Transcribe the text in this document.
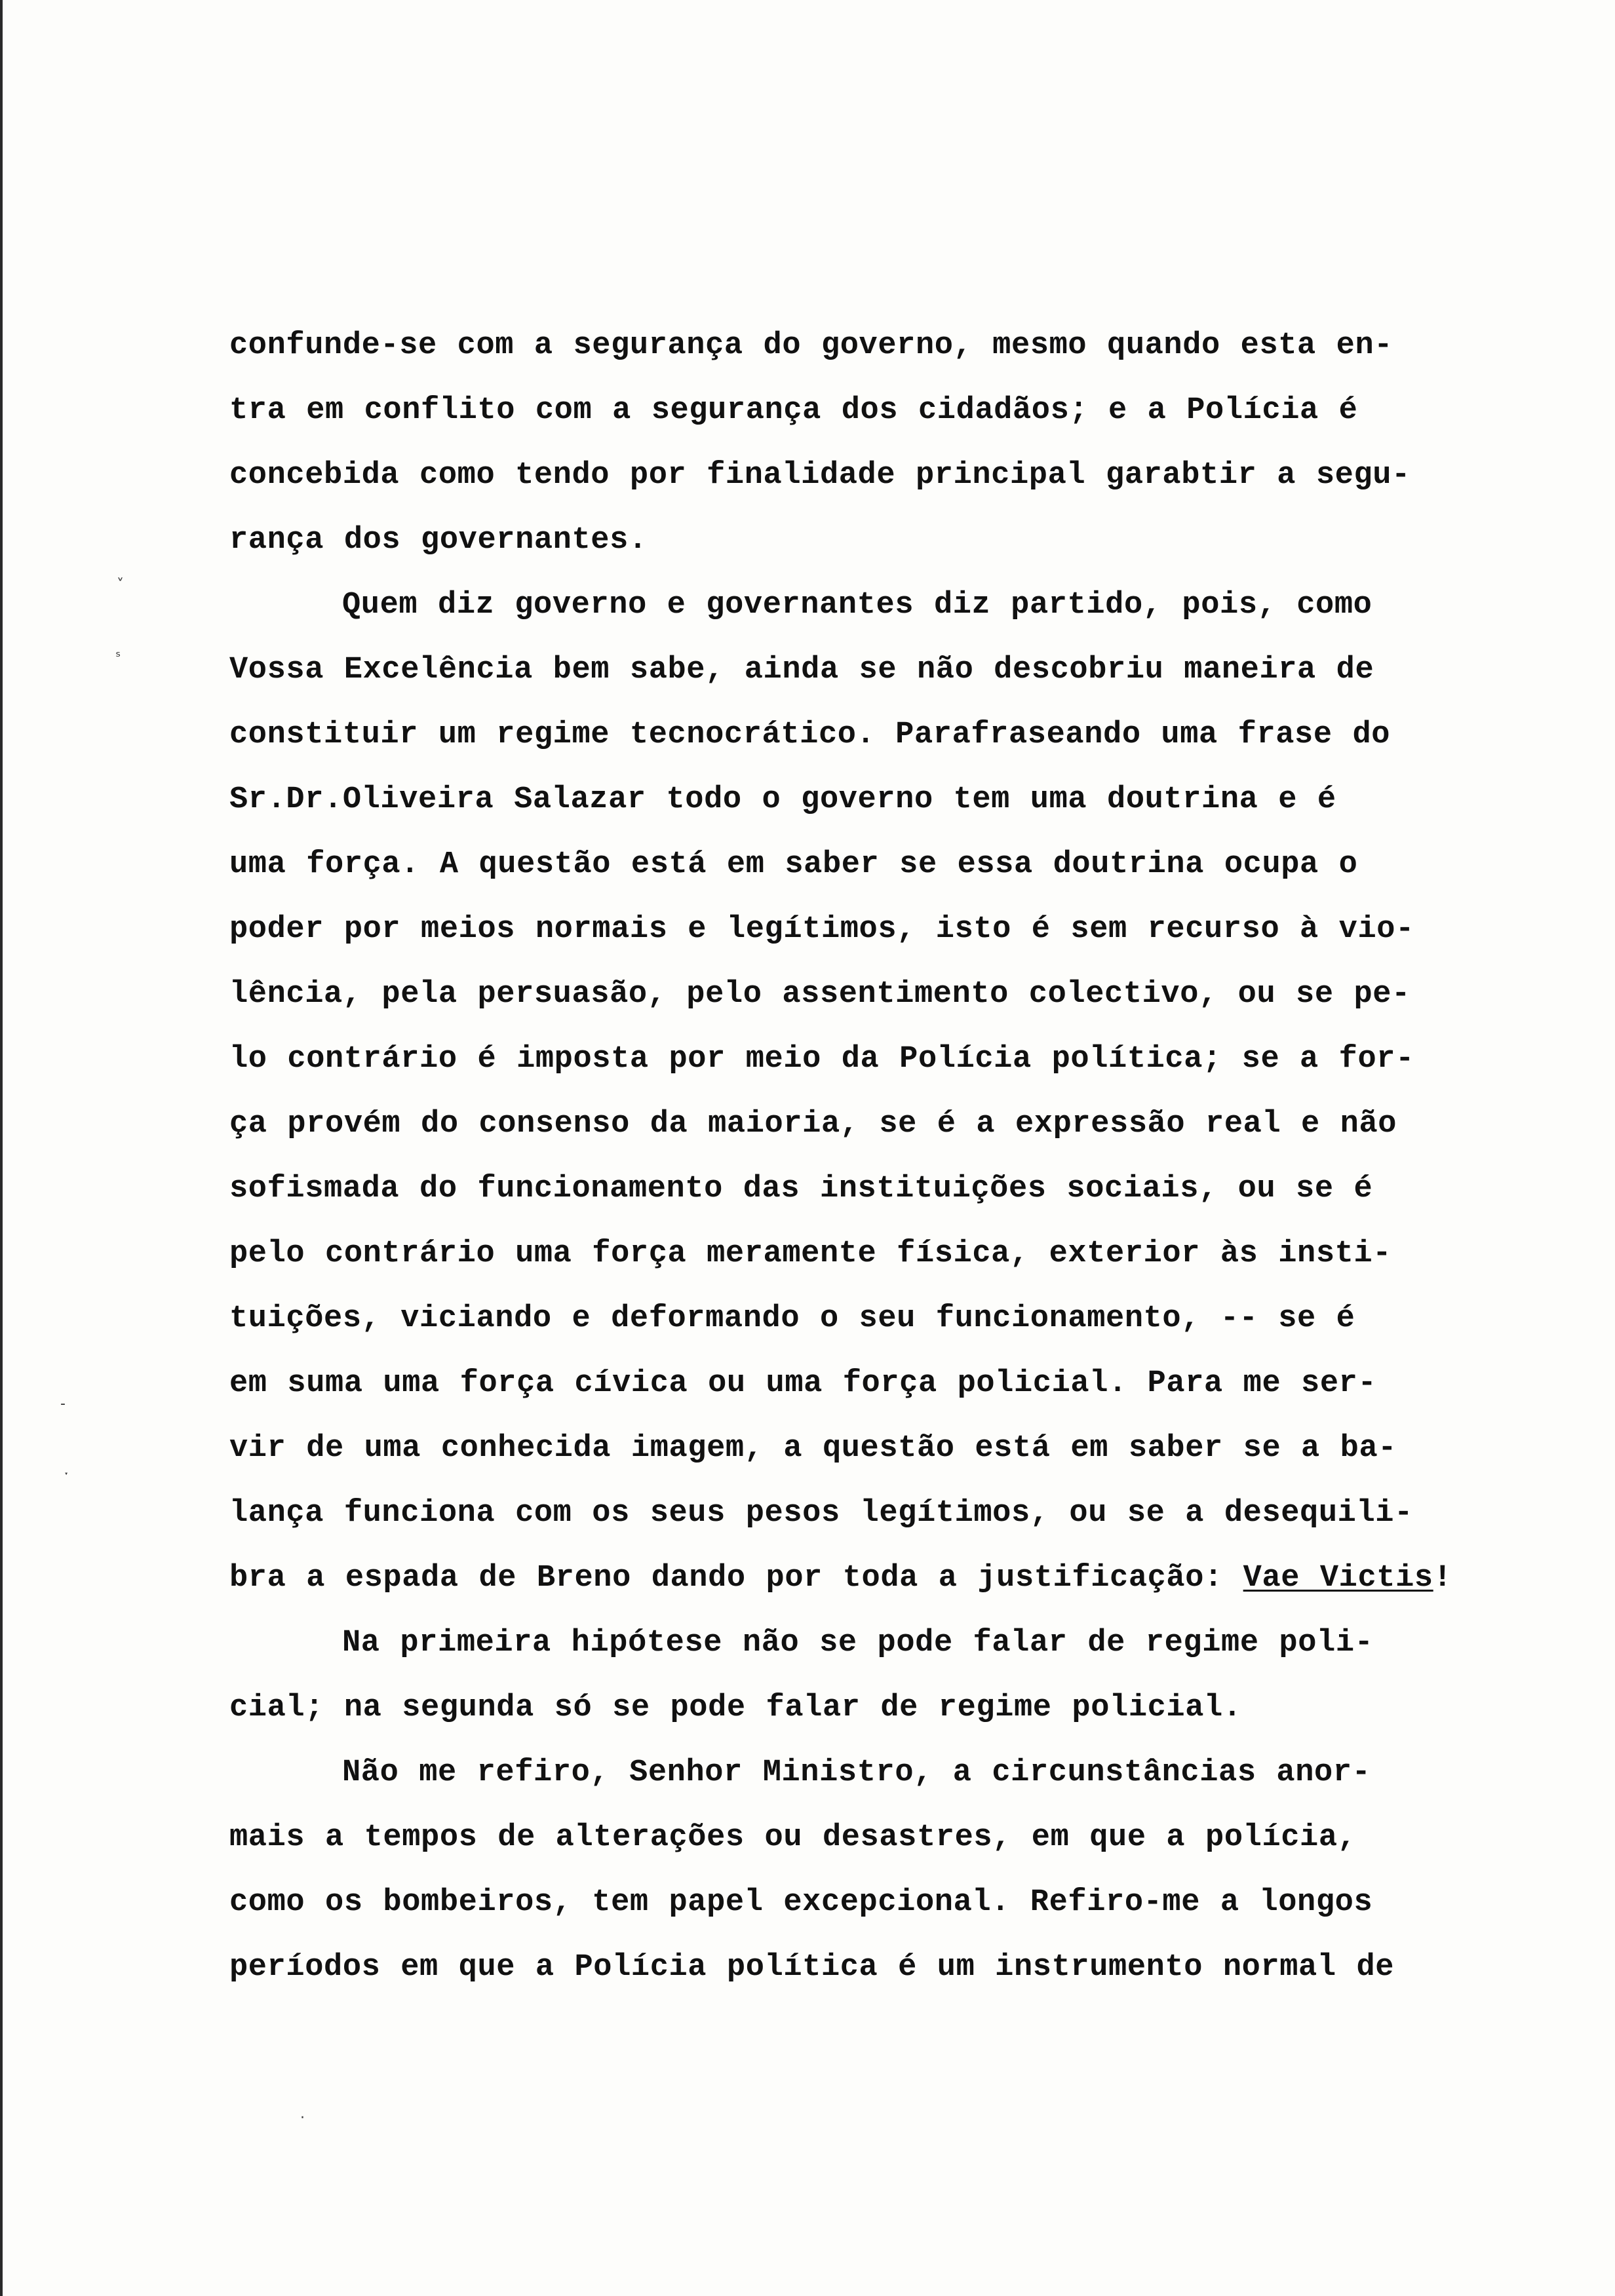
˅
ˢ
-
ˑ
·
confunde-se com a segurança do governo, mesmo quando esta en-
tra em conflito com a segurança dos cidadãos; e a Polícia é
concebida como tendo por finalidade principal garabtir a segu-
rança dos governantes.
Quem diz governo e governantes diz partido, pois, como
Vossa Excelência bem sabe, ainda se não descobriu maneira de
constituir um regime tecnocrático. Parafraseando uma frase do
Sr.Dr.Oliveira Salazar todo o governo tem uma doutrina e é
uma força. A questão está em saber se essa doutrina ocupa o
poder por meios normais e legítimos, isto é sem recurso à vio-
lência, pela persuasão, pelo assentimento colectivo, ou se pe-
lo contrário é imposta por meio da Polícia política; se a for-
ça provém do consenso da maioria, se é a expressão real e não
sofismada do funcionamento das instituições sociais, ou se é
pelo contrário uma força meramente física, exterior às insti-
tuições, viciando e deformando o seu funcionamento, -- se é
em suma uma força cívica ou uma força policial. Para me ser-
vir de uma conhecida imagem, a questão está em saber se a ba-
lança funciona com os seus pesos legítimos, ou se a desequili-
bra a espada de Breno dando por toda a justificação: Vae Victis!
Na primeira hipótese não se pode falar de regime poli-
cial; na segunda só se pode falar de regime policial.
Não me refiro, Senhor Ministro, a circunstâncias anor-
mais a tempos de alterações ou desastres, em que a polícia,
como os bombeiros, tem papel excepcional. Refiro-me a longos
períodos em que a Polícia política é um instrumento normal de
